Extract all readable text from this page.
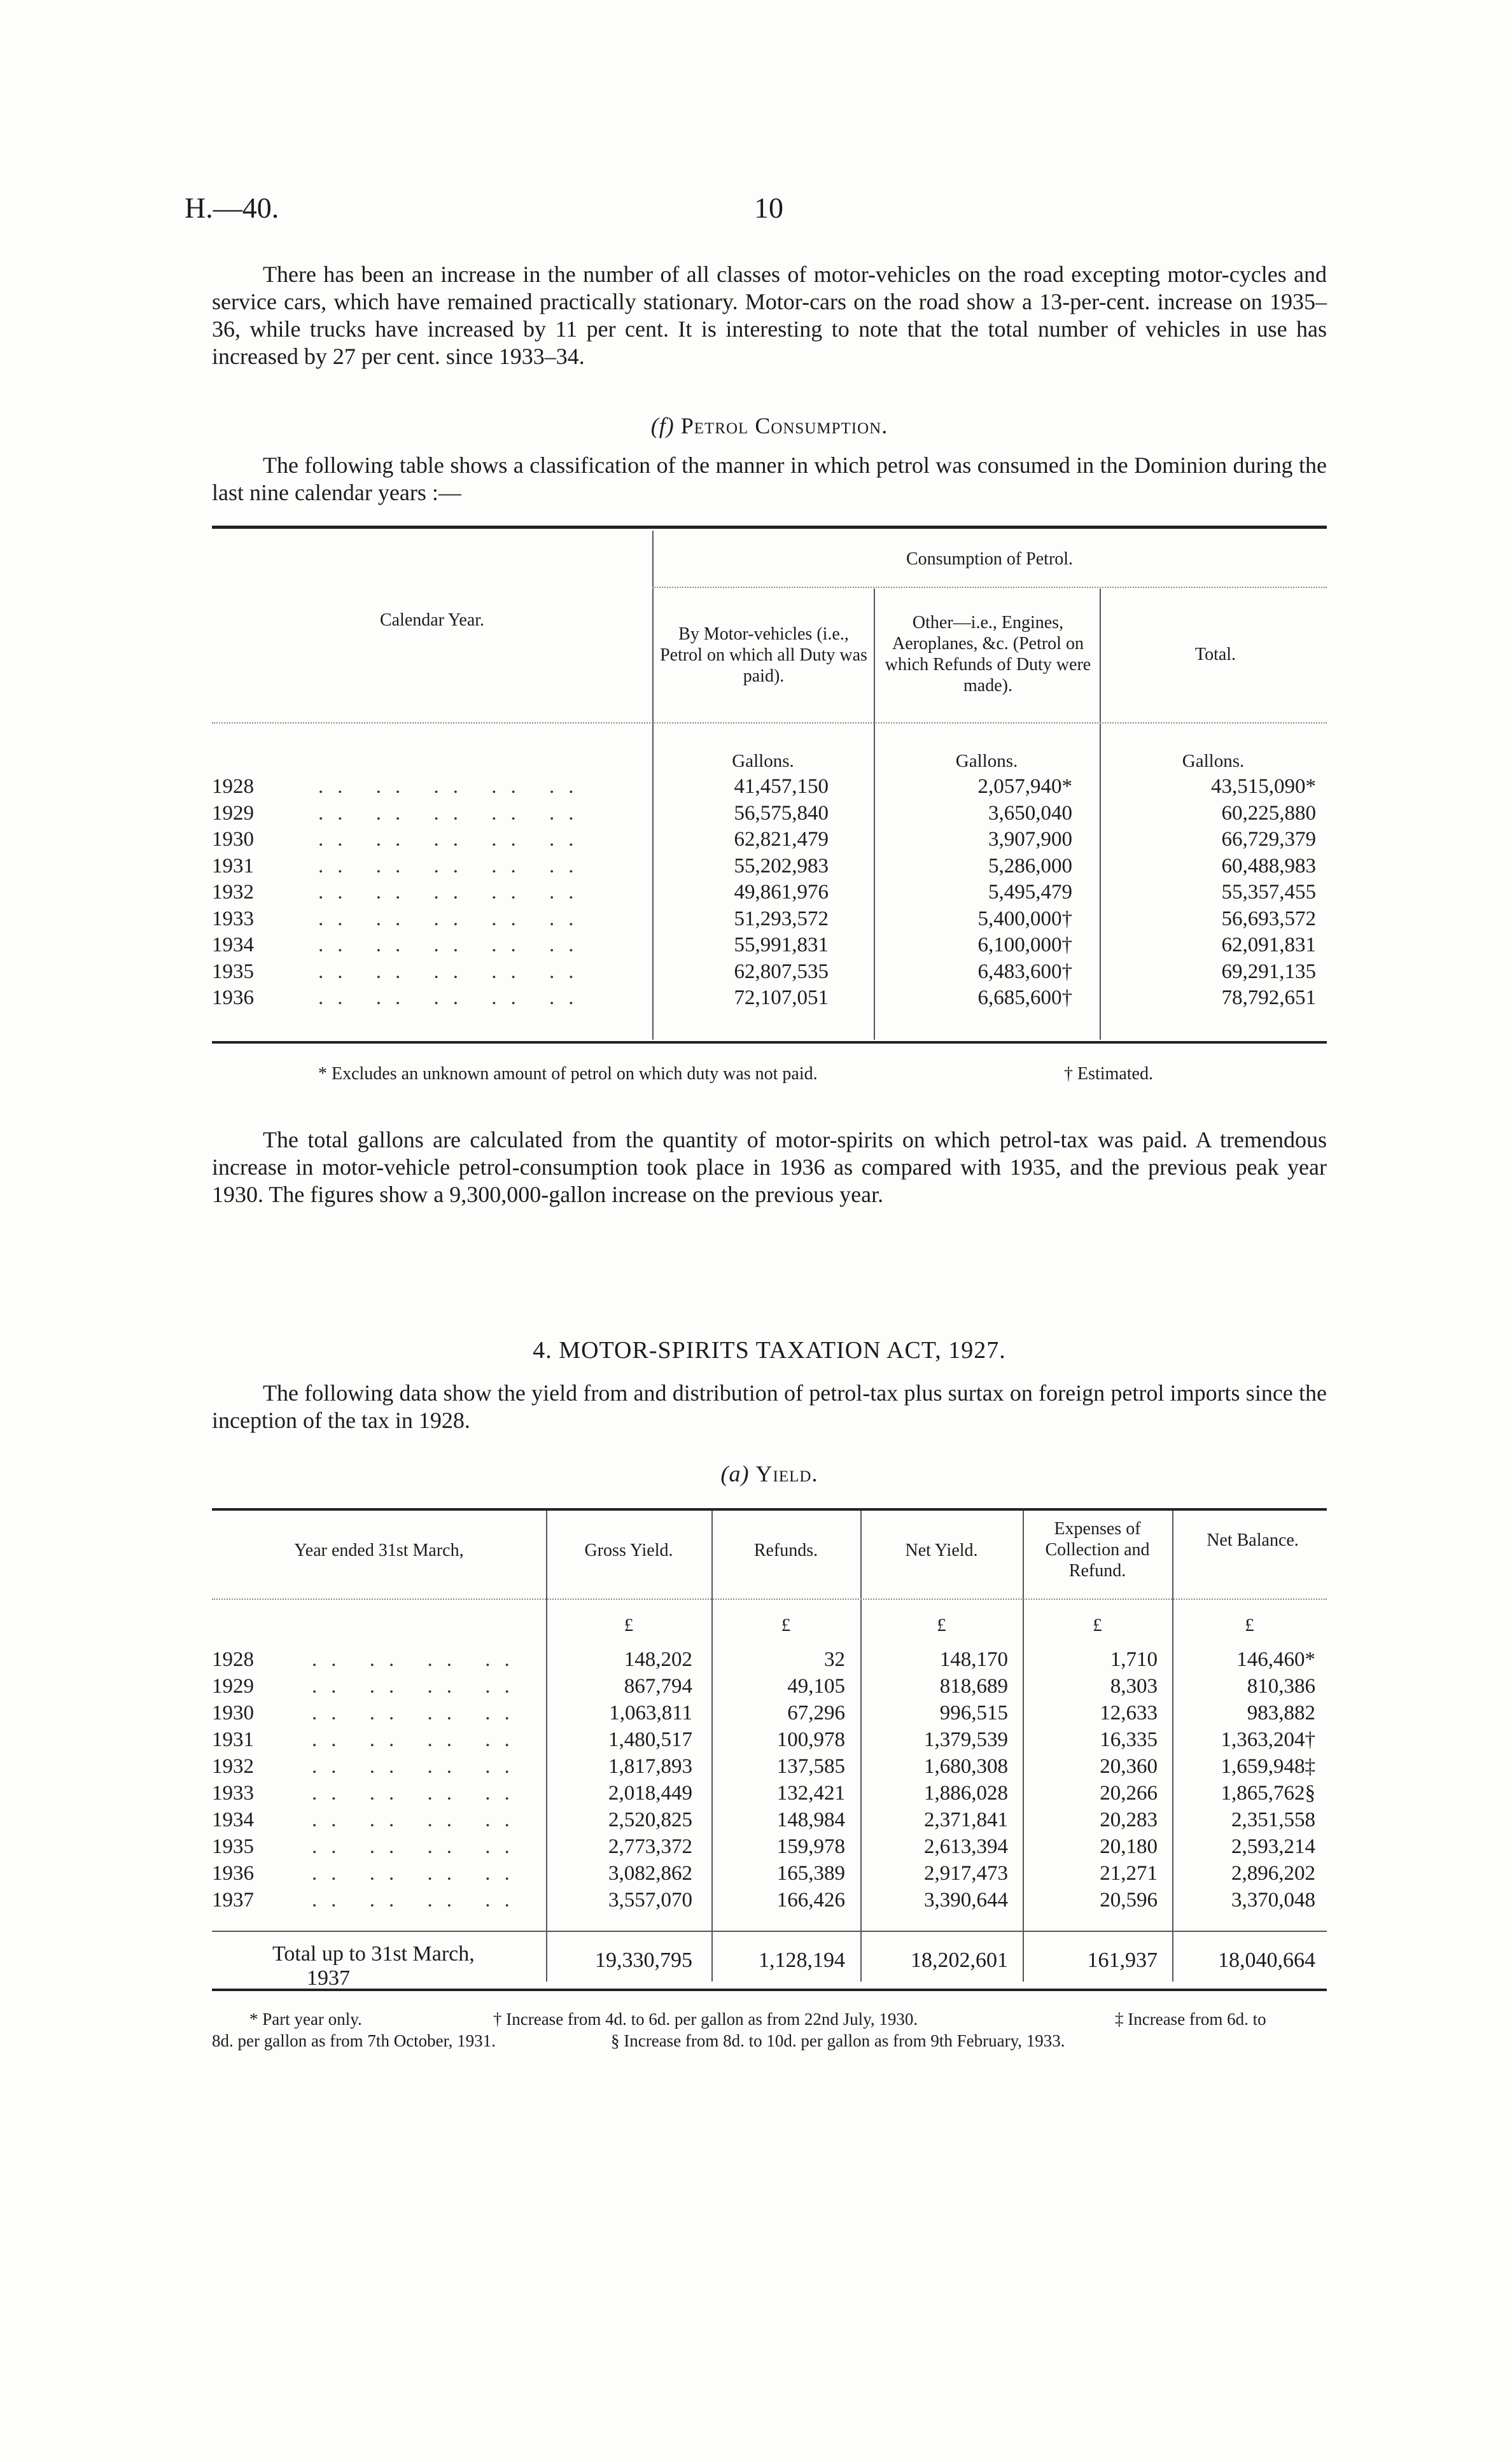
H.—40.	10
There has been an increase in the number of all classes of motor-vehicles on the road excepting motor-cycles and service cars, which have remained practically stationary. Motor-cars on the road show a 13-per-cent. increase on 1935–36, while trucks have increased by 11 per cent. It is interesting to note that the total number of vehicles in use has increased by 27 per cent. since 1933–34.
(f) Petrol Consumption.
The following table shows a classification of the manner in which petrol was consumed in the Dominion during the last nine calendar years :—
Consumption of Petrol.
Calendar Year.
By Motor-vehicles (i.e., Petrol on which all Duty was paid).
Other—i.e., Engines, Aeroplanes, &c. (Petrol on which Refunds of Duty were made).
Total.
Gallons.	Gallons.	Gallons.
1928	.. .. .. .. ..	41,457,150	2,057,940*	43,515,090*
1929	.. .. .. .. ..	56,575,840	3,650,040	60,225,880
1930	.. .. .. .. ..	62,821,479	3,907,900	66,729,379
1931	.. .. .. .. ..	55,202,983	5,286,000	60,488,983
1932	.. .. .. .. ..	49,861,976	5,495,479	55,357,455
1933	.. .. .. .. ..	51,293,572	5,400,000†	56,693,572
1934	.. .. .. .. ..	55,991,831	6,100,000†	62,091,831
1935	.. .. .. .. ..	62,807,535	6,483,600†	69,291,135
1936	.. .. .. .. ..	72,107,051	6,685,600†	78,792,651
* Excludes an unknown amount of petrol on which duty was not paid.	† Estimated.
The total gallons are calculated from the quantity of motor-spirits on which petrol-tax was paid. A tremendous increase in motor-vehicle petrol-consumption took place in 1936 as compared with 1935, and the previous peak year 1930. The figures show a 9,300,000-gallon increase on the previous year.
4. MOTOR-SPIRITS TAXATION ACT, 1927.
The following data show the yield from and distribution of petrol-tax plus surtax on foreign petrol imports since the inception of the tax in 1928.
(a) Yield.
Year ended 31st March,	Gross Yield.	Refunds.	Net Yield.
Expenses of Collection and Refund.
Net Balance.
£	£	£	£	£
1928	.. .. .. ..	148,202	32	148,170	1,710	146,460*
1929	.. .. .. ..	867,794	49,105	818,689	8,303	810,386
1930	.. .. .. ..	1,063,811	67,296	996,515	12,633	983,882
1931	.. .. .. ..	1,480,517	100,978	1,379,539	16,335	1,363,204†
1932	.. .. .. ..	1,817,893	137,585	1,680,308	20,360	1,659,948‡
1933	.. .. .. ..	2,018,449	132,421	1,886,028	20,266	1,865,762§
1934	.. .. .. ..	2,520,825	148,984	2,371,841	20,283	2,351,558
1935	.. .. .. ..	2,773,372	159,978	2,613,394	20,180	2,593,214
1936	.. .. .. ..	3,082,862	165,389	2,917,473	21,271	2,896,202
1937	.. .. .. ..	3,557,070	166,426	3,390,644	20,596	3,370,048
Total up to 31st March,
1937
19,330,795	1,128,194	18,202,601	161,937	18,040,664
* Part year only.	† Increase from 4d. to 6d. per gallon as from 22nd July, 1930.	‡ Increase from 6d. to
8d. per gallon as from 7th October, 1931.	§ Increase from 8d. to 10d. per gallon as from 9th February, 1933.
